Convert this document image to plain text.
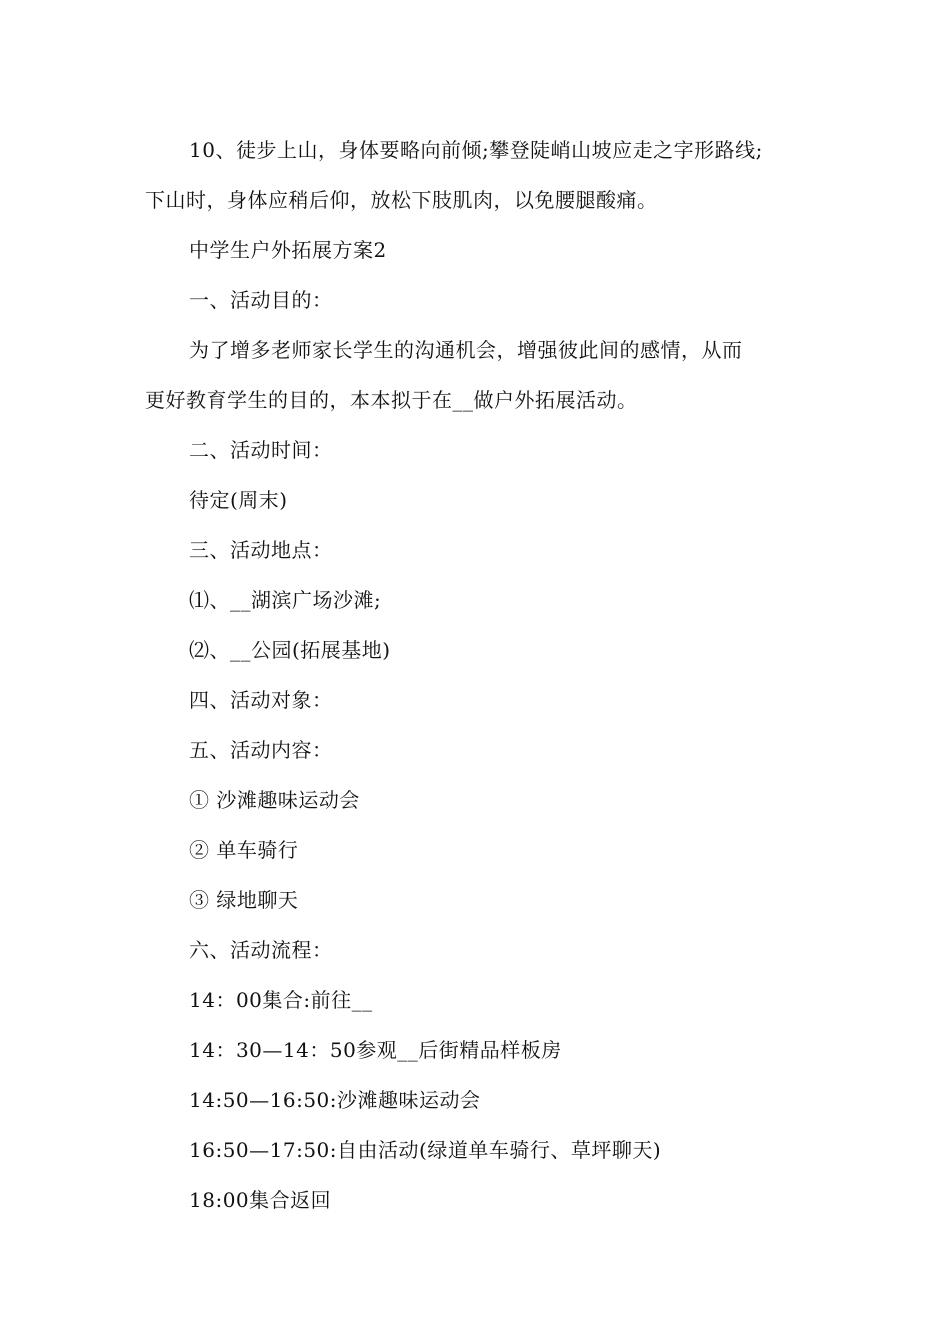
10、徒步上山，身体要略向前倾;攀登陡峭山坡应走之字形路线;
下山时，身体应稍后仰，放松下肢肌肉，以免腰腿酸痛。
中学生户外拓展方案2
一、活动目的：
为了增多老师家长学生的沟通机会，增强彼此间的感情，从而
更好教育学生的目的，本本拟于在__做户外拓展活动。
二、活动时间：
待定(周末)
三、活动地点：
⑴、__湖滨广场沙滩;
⑵、__公园(拓展基地)
四、活动对象：
五、活动内容：
① 沙滩趣味运动会
② 单车骑行
③ 绿地聊天
六、活动流程：
14：00集合:前往__
14：30—14：50参观__后街精品样板房
14:50—16:50:沙滩趣味运动会
16:50—17:50:自由活动(绿道单车骑行、草坪聊天)
18:00集合返回
